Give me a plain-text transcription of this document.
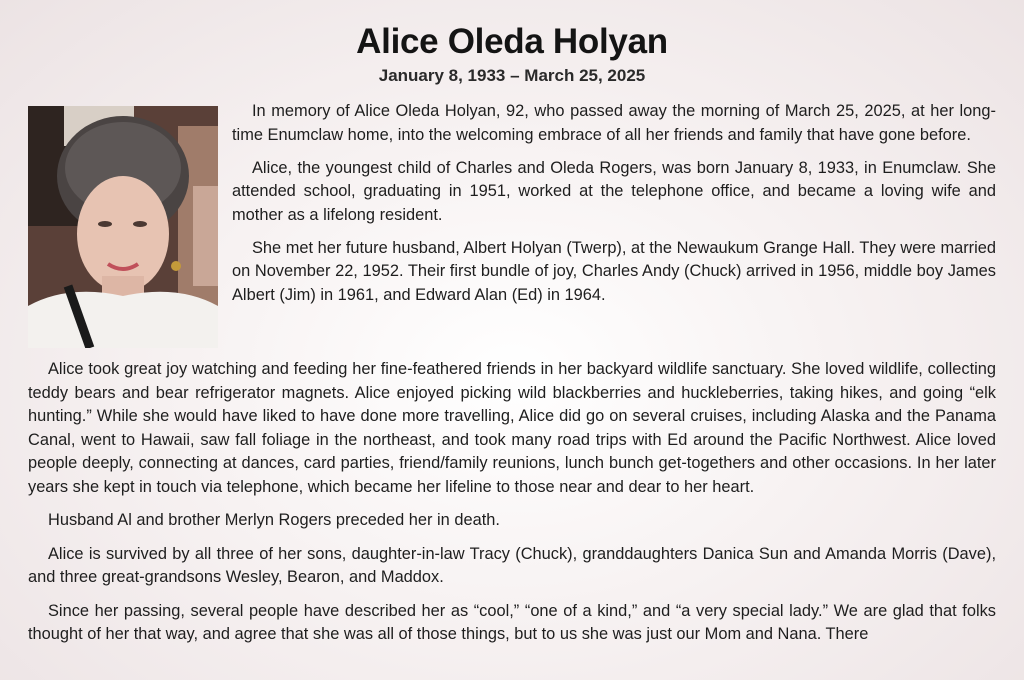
Alice Oleda Holyan
January 8, 1933 – March 25, 2025

In memory of Alice Oleda Holyan, 92, who passed away the morning of March 25, 2025, at her long-time Enumclaw home, into the welcoming embrace of all her friends and family that have gone before.

Alice, the youngest child of Charles and Oleda Rogers, was born January 8, 1933, in Enumclaw. She attended school, graduating in 1951, worked at the telephone office, and became a loving wife and mother as a lifelong resident.

She met her future husband, Albert Holyan (Twerp), at the Newaukum Grange Hall. They were married on November 22, 1952. Their first bundle of joy, Charles Andy (Chuck) arrived in 1956, middle boy James Albert (Jim) in 1961, and Edward Alan (Ed) in 1964.

Alice took great joy watching and feeding her fine-feathered friends in her backyard wildlife sanctuary. She loved wildlife, collecting teddy bears and bear refrigerator magnets. Alice enjoyed picking wild blackberries and huckleberries, taking hikes, and going “elk hunting.” While she would have liked to have done more travelling, Alice did go on several cruises, including Alaska and the Panama Canal, went to Hawaii, saw fall foliage in the northeast, and took many road trips with Ed around the Pacific Northwest. Alice loved people deeply, connecting at dances, card parties, friend/family reunions, lunch bunch get-togethers and other occasions. In her later years she kept in touch via telephone, which became her lifeline to those near and dear to her heart.

Husband Al and brother Merlyn Rogers preceded her in death.

Alice is survived by all three of her sons, daughter-in-law Tracy (Chuck), granddaughters Danica Sun and Amanda Morris (Dave), and three great-grandsons Wesley, Bearon, and Maddox.

Since her passing, several people have described her as “cool,” “one of a kind,” and “a very special lady.” We are glad that folks thought of her that way, and agree that she was all of those things, but to us she was just our Mom and Nana. There
